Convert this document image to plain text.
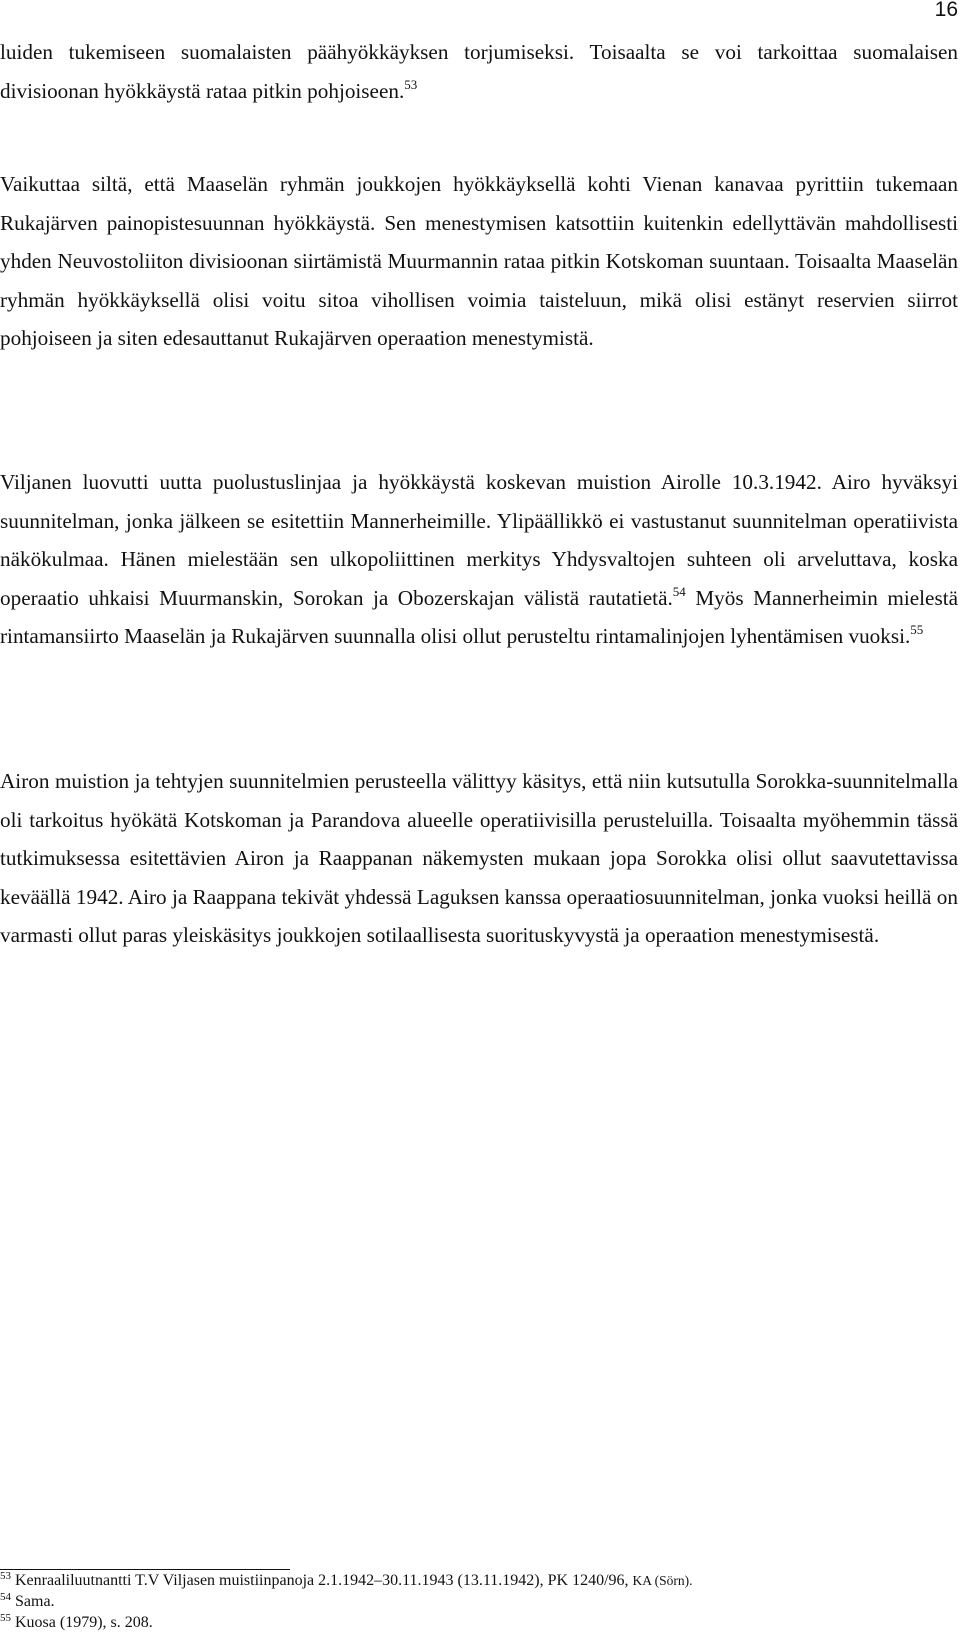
16

luiden tukemiseen suomalaisten päähyökkäyksen torjumiseksi. Toisaalta se voi tarkoittaa suomalaisen divisioonan hyökkäystä rataa pitkin pohjoiseen.$^{53}$

Vaikuttaa siltä, että Maaselän ryhmän joukkojen hyökkäyksellä kohti Vienan kanavaa pyrittiin tukemaan Rukajärven painopistesuunnan hyökkäystä. Sen menestymisen katsottiin kuitenkin edellyttävän mahdollisesti yhden Neuvostoliiton divisioonan siirtämistä Muurmannin rataa pitkin Kotskoman suuntaan. Toisaalta Maaselän ryhmän hyökkäyksellä olisi voitu sitoa vihollisen voimia taisteluun, mikä olisi estänyt reservien siirrot pohjoiseen ja siten edesauttanut Rukajärven operaation menestymistä.

Viljanen luovutti uutta puolustuslinjaa ja hyökkäystä koskevan muistion Airolle 10.3.1942. Airo hyväksyi suunnitelman, jonka jälkeen se esitettiin Mannerheimille. Ylipäällikkö ei vastustanut suunnitelman operatiivista näkökulmaa. Hänen mielestään sen ulkopoliittinen merkitys Yhdysvaltojen suhteen oli arveluttava, koska operaatio uhkaisi Muurmanskin, Sorokan ja Obozerskajan välistä rautatietä.$^{54}$ Myös Mannerheimin mielestä rintamansiirto Maaselän ja Rukajärven suunnalla olisi ollut perusteltu rintamalinjojen lyhentämisen vuoksi.$^{55}$

Airon muistion ja tehtyjen suunnitelmien perusteella välittyy käsitys, että niin kutsutulla Sorokka-suunnitelmalla oli tarkoitus hyökätä Kotskoman ja Parandova alueelle operatiivisilla perusteluilla. Toisaalta myöhemmin tässä tutkimuksessa esitettävien Airon ja Raappanan näkemysten mukaan jopa Sorokka olisi ollut saavutettavissa keväällä 1942. Airo ja Raappana tekivät yhdessä Laguksen kanssa operaatiosuunnitelman, jonka vuoksi heillä on varmasti ollut paras yleiskäsitys joukkojen sotilaallisesta suorituskyvystä ja operaation menestymisestä.

$^{53}$ Kenraaliluutnantti T.V Viljasen muistiinpanoja 2.1.1942–30.11.1943 (13.11.1942), PK 1240/96, KA (Sörn).

$^{54}$ Sama.

$^{55}$ Kuosa (1979), s. 208.
